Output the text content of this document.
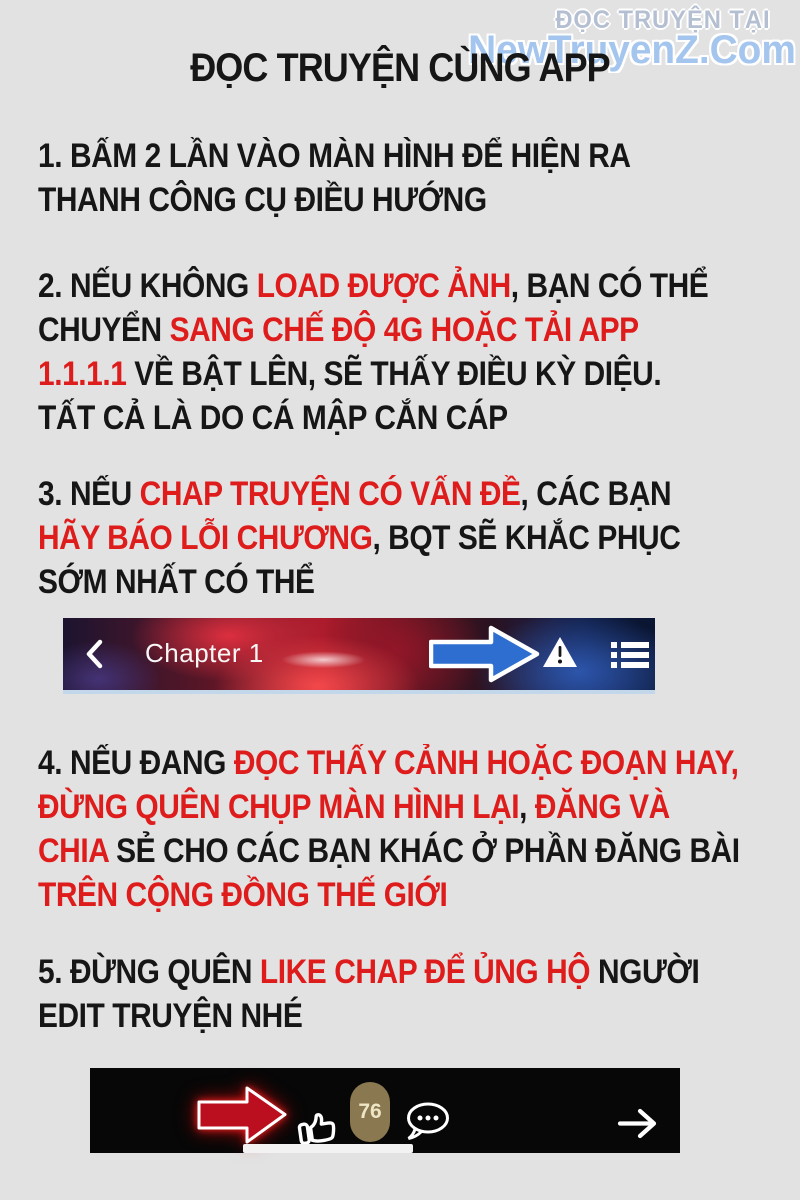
ĐỌC TRUYỆN TẠI
NewTruyenZ.Com
ĐỌC TRUYỆN CÙNG APP
1. BẤM 2 LẦN VÀO MÀN HÌNH ĐỂ HIỆN RA
THANH CÔNG CỤ ĐIỀU HƯỚNG
2. NẾU KHÔNG LOAD ĐƯỢC ẢNH, BẠN CÓ THỂ
CHUYỂN SANG CHẾ ĐỘ 4G HOẶC TẢI APP
1.1.1.1 VỀ BẬT LÊN, SẼ THẤY ĐIỀU KỲ DIỆU.
TẤT CẢ LÀ DO CÁ MẬP CẮN CÁP
3. NẾU CHAP TRUYỆN CÓ VẤN ĐỀ, CÁC BẠN
HÃY BÁO LỖI CHƯƠNG, BQT SẼ KHẮC PHỤC
SỚM NHẤT CÓ THỂ
Chapter 1
4. NẾU ĐANG ĐỌC THẤY CẢNH HOẶC ĐOẠN HAY,
ĐỪNG QUÊN CHỤP MÀN HÌNH LẠI, ĐĂNG VÀ
CHIA SẺ CHO CÁC BẠN KHÁC Ở PHẦN ĐĂNG BÀI
TRÊN CỘNG ĐỒNG THẾ GIỚI
5. ĐỪNG QUÊN LIKE CHAP ĐỂ ỦNG HỘ NGƯỜI
EDIT TRUYỆN NHÉ
76
